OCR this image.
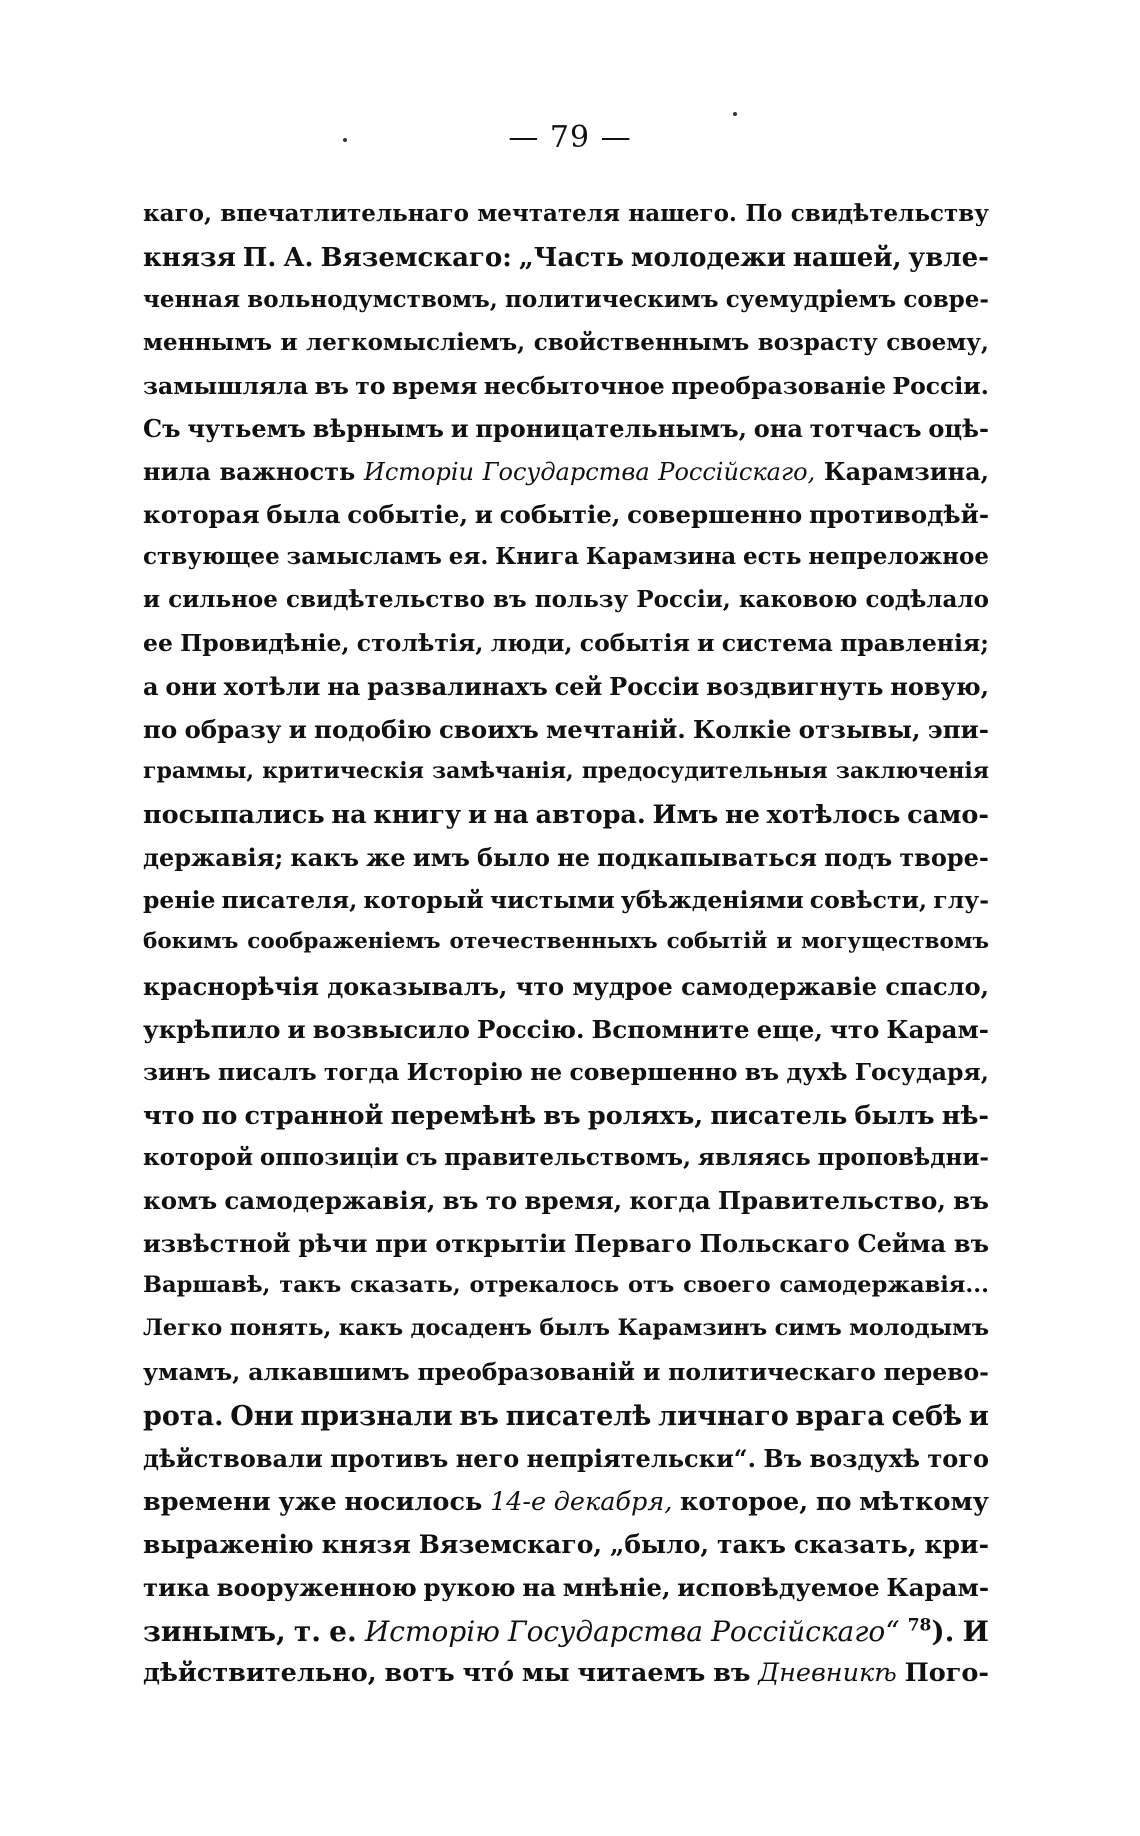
— 79 —
каго, впечатлительнаго мечтателя нашего. По свидѣтельству
князя П. А. Вяземскаго: „Часть молодежи нашей, увле-
ченная вольнодумствомъ, политическимъ суемудріемъ совре-
меннымъ и легкомысліемъ, свойственнымъ возрасту своему,
замышляла въ то время несбыточное преобразованіе Россіи.
Съ чутьемъ вѣрнымъ и проницательнымъ, она тотчасъ оцѣ-
нила важность Исторіи Государства Россійскаго, Карамзина,
которая была событіе, и событіе, совершенно противодѣй-
ствующее замысламъ ея. Книга Карамзина есть непреложное
и сильное свидѣтельство въ пользу Россіи, каковою содѣлало
ее Провидѣніе, столѣтія, люди, событія и система правленія;
а они хотѣли на развалинахъ сей Россіи воздвигнуть новую,
по образу и подобію своихъ мечтаній. Колкіе отзывы, эпи-
граммы, критическія замѣчанія, предосудительныя заключенія
посыпались на книгу и на автора. Имъ не хотѣлось само-
державія; какъ же имъ было не подкапываться подъ творе-
реніе писателя, который чистыми убѣжденіями совѣсти, глу-
бокимъ соображеніемъ отечественныхъ событій и могуществомъ
краснорѣчія доказывалъ, что мудрое самодержавіе спасло,
укрѣпило и возвысило Россію. Вспомните еще, что Карам-
зинъ писалъ тогда Исторію не совершенно въ духѣ Государя,
что по странной перемѣнѣ въ роляхъ, писатель былъ нѣ-
которой оппозиціи съ правительствомъ, являясь проповѣдни-
комъ самодержавія, въ то время, когда Правительство, въ
извѣстной рѣчи при открытіи Перваго Польскаго Сейма въ
Варшавѣ, такъ сказать, отрекалось отъ своего самодержавія...
Легко понять, какъ досаденъ былъ Карамзинъ симъ молодымъ
умамъ, алкавшимъ преобразованій и политическаго перево-
рота. Они признали въ писателѣ личнаго врага себѣ и
дѣйствовали противъ него непріятельски“. Въ воздухѣ того
времени уже носилось 14-е декабря, которое, по мѣткому
выраженію князя Вяземскаго, „было, такъ сказать, кри-
тика вооруженною рукою на мнѣніе, исповѣдуемое Карам-
зинымъ, т. е. Исторію Государства Россійскаго“ $^{78}$). И
дѣйствительно, вотъ что́ мы читаемъ въ Дневникѣ Пого-
